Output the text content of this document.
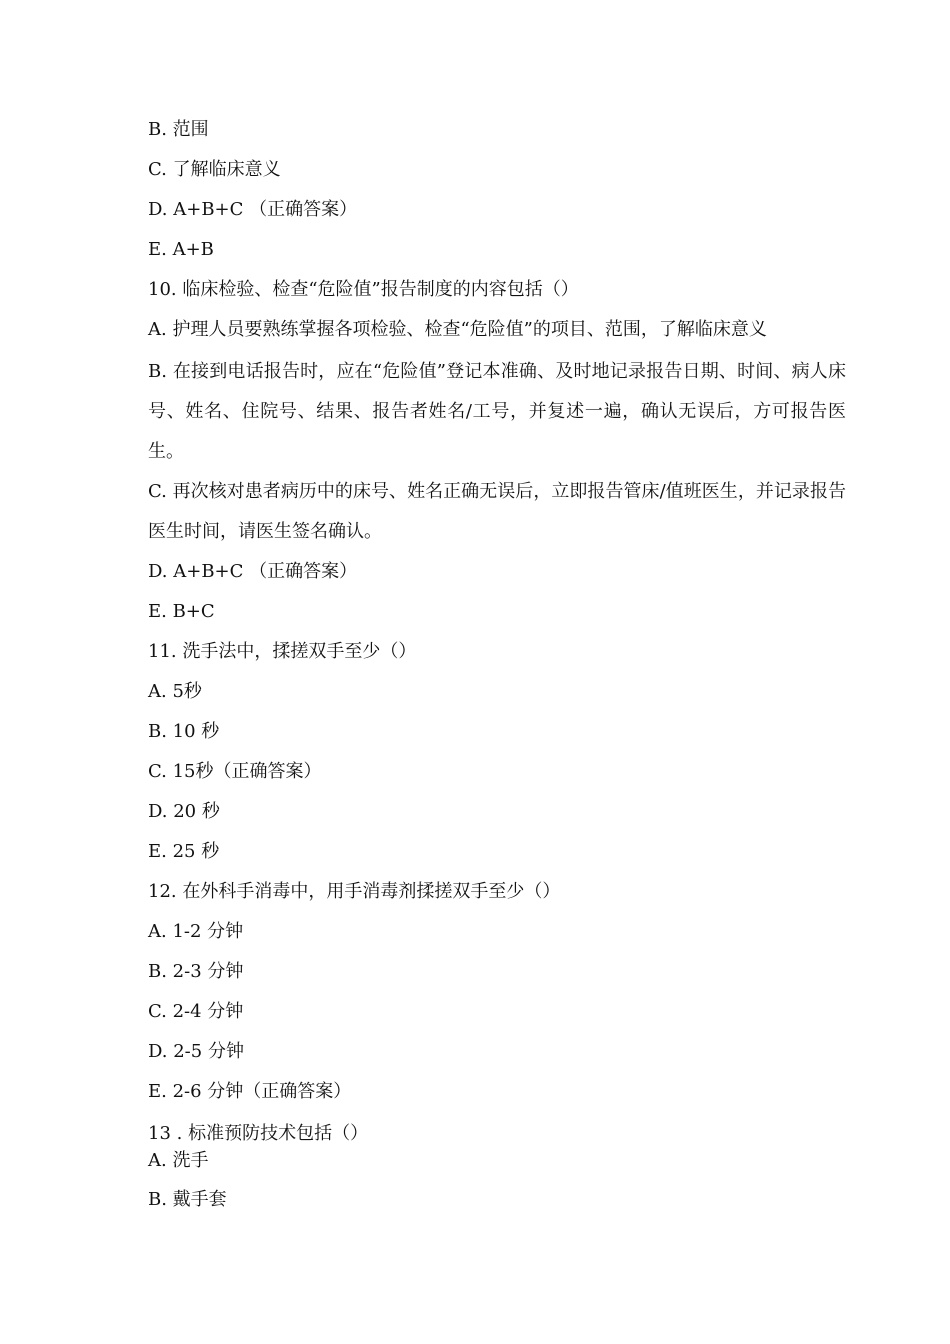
B. 范围
C. 了解临床意义
D. A+B+C （正确答案）
E. A+B
10. 临床检验、检查“危险值”报告制度的内容包括（）
A. 护理人员要熟练掌握各项检验、检查“危险值”的项目、范围，了解临床意义
B. 在接到电话报告时，应在“危险值”登记本准确、及时地记录报告日期、时间、病人床号、姓名、住院号、结果、报告者姓名/工号，并复述一遍，确认无误后，方可报告医生。
C. 再次核对患者病历中的床号、姓名正确无误后，立即报告管床/值班医生，并记录报告医生时间，请医生签名确认。
D. A+B+C （正确答案）
E. B+C
11. 洗手法中，揉搓双手至少（）
A. 5秒
B. 10 秒
C. 15秒（正确答案）
D. 20 秒
E. 25 秒
12. 在外科手消毒中，用手消毒剂揉搓双手至少（）
A. 1-2 分钟
B. 2-3 分钟
C. 2-4 分钟
D. 2-5 分钟
E. 2-6 分钟（正确答案）
13 . 标准预防技术包括（）
A. 洗手
B. 戴手套
